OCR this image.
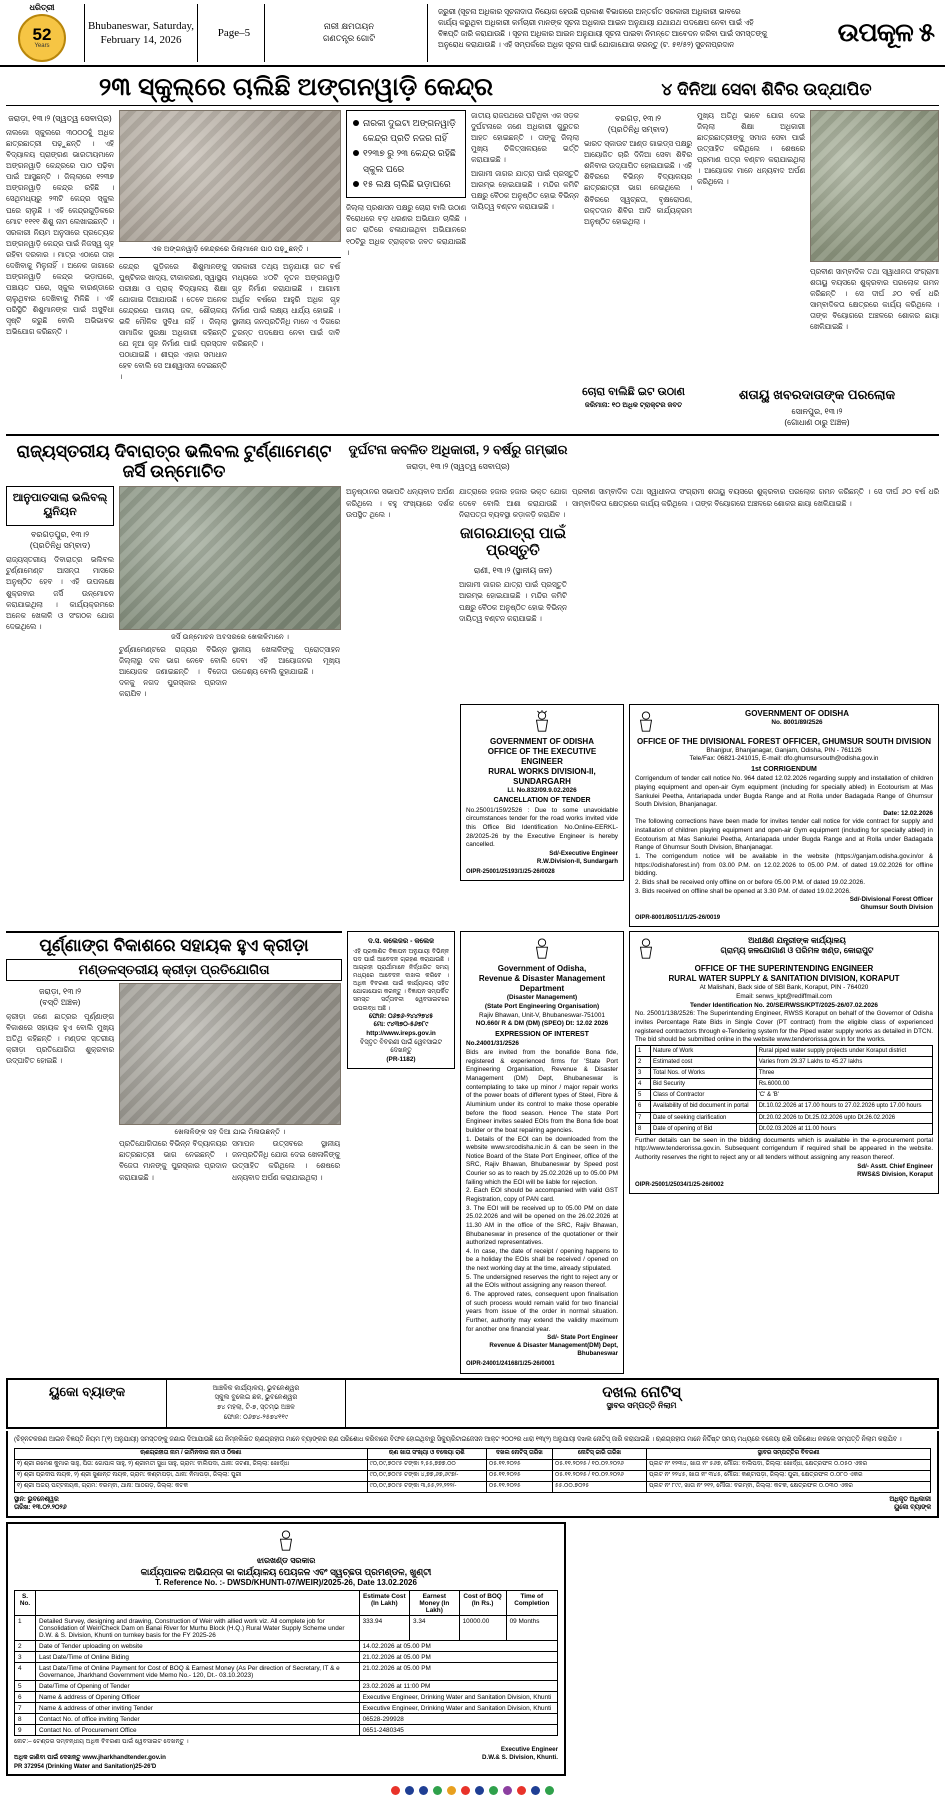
ଧରିତ୍ରୀ
52
Years
Bhubaneswar, Saturday,
February 14, 2026
Page–5
ନାରୀ କ୍ଷମତାୟନ
ଗଣତନ୍ତ୍ର ଗୋଟି
ଜରୁରୀ (ସୂଚନା ଅଧିକାର ସୂଚନାଦାତା ନିୟୋଗ ହେଉଛି ପ୍ରକାଶ ବିଭାଗରେ ଅନ୍ତର୍ଗତ ସରକାରୀ ଅଧିକାରୀ ଭାବରେ
କାର୍ଯ୍ୟ କରୁଥିବା ଅଧିକାରୀ କର୍ମଚାରୀ ମାନଙ୍କ ସୂଚନା ଅଧିକାର ଆଇନ ଅନୁଯାୟୀ ଯଥାଯଥ ପଦକ୍ଷେପ ନେବା ପାଇଁ ଏହି
ବିଜ୍ଞପ୍ତି ଜାରି କରାଯାଉଛି । ସୂଚନା ଅଧିକାର ଆଇନ ଅନୁଯାୟୀ ସୂଚନା ପାଇବା ନିମନ୍ତେ ଆବେଦନ କରିବା ପାଇଁ ସମସ୍ତଙ୍କୁ
ଅନୁରୋଧ କରାଯାଉଛି । ଏହି ସମ୍ପର୍କରେ ଅଧିକ ସୂଚନା ପାଇଁ ଯୋଗାଯୋଗ କରନ୍ତୁ (ଟ. ୫୧/୫୨) ସୁଚନାପ୍ରଦାନ	ଉପକୂଳ ୫
୨୩ ସ୍କୁଲ୍‌ରେ ଚାଲିଛି ଅଙ୍ଗନୱାଡ଼ି କେନ୍ଦ୍ର	୪ ଦିନିଆ ସେବା ଶିବିର ଉଦ୍‌ଯାପିତ
ଜରାଡ଼ା, ୧୩।୨ (ସ୍ୱତ୍ୱ ସେବାପ୍ର)
ନାଲକୋ ସ୍କୁଲରେ ୩୦୦୦ହୁଁ ଅଧିକ ଛାତ୍ରଛାତ୍ରୀ ପଢ଼ୁଛନ୍ତି । ଏହି ବିଦ୍ୟାଳୟ ପ୍ରାଙ୍ଗଣ ଭାରତୀୟମାନେ ଅଙ୍ଗନୱାଡ଼ି କେନ୍ଦ୍ରରେ ପାଠ ପଢ଼ିବା ପାଇଁ ଆସୁଛନ୍ତି । ଜିଲ୍ଲାରେ ୧୨୩୭ ଅଙ୍ଗନୱାଡ଼ି କେନ୍ଦ୍ର ରହିଛି । ସେଥିମଧ୍ୟରୁ ୨୩ଟି କେନ୍ଦ୍ର ସ୍କୁଲ ଘରେ ଚାଲୁଛି । ଏହି କେନ୍ଦ୍ରଗୁଡ଼ିକରେ ମୋଟ ୧୧୧୧ ଶିଶୁ ନାମ ଲେଖାଇଛନ୍ତି । ସରକାରୀ ନିୟମ ଅନୁସାରେ ପ୍ରତ୍ୟେକ ଅଙ୍ଗନୱାଡ଼ି କେନ୍ଦ୍ର ପାଇଁ ନିଜସ୍ୱ ଗୃହ ରହିବା ଦରକାର । ମାତ୍ର ଏଠାରେ ତାହା ଦେଖିବାକୁ ମିଳୁନାହିଁ । ଅନେକ ଜାଗାରେ ଅଙ୍ଗନୱାଡ଼ି କେନ୍ଦ୍ର ଭଡ଼ାଘରେ, ପଞ୍ଚାୟତ ଘରେ, ସ୍କୁଲ ବାରଣ୍ଡାରେ ଚାଲୁଥିବାର ଦେଖିବାକୁ ମିଳିଛି । ଏହି ପରିସ୍ଥିତି ଶିଶୁମାନଙ୍କ ପାଇଁ ଅସୁବିଧା ସୃଷ୍ଟି କରୁଛି ବୋଲି ଅଭିଭାବକ ଅଭିଯୋଗ କରିଛନ୍ତି ।
ଏକ ଅଙ୍ଗନୱାଡ଼ି କେନ୍ଦ୍ରରେ ପିଲାମାନେ ପାଠ ପଢ଼ୁଛନ୍ତି ।
କେନ୍ଦ୍ର ଗୁଡ଼ିକରେ ଶିଶୁମାନଙ୍କୁ ପୁଷ୍ଟିକର ଖାଦ୍ୟ, ଟୀକାକରଣ, ସ୍ୱାସ୍ଥ୍ୟ ପରୀକ୍ଷା ଓ ପ୍ରାକ୍ ବିଦ୍ୟାଳୟ ଶିକ୍ଷା ଯୋଗାଇ ଦିଆଯାଉଛି । ତେବେ ଅନେକ କେନ୍ଦ୍ରରେ ପାନୀୟ ଜଳ, ଶୌଚାଳୟ ଭଳି ମୌଳିକ ସୁବିଧା ନାହିଁ । ଜିଲ୍ଲା ସାମାଜିକ ସୁରକ୍ଷା ଅଧିକାରୀ କହିଛନ୍ତି ଯେ ନୂଆ ଗୃହ ନିର୍ମାଣ ପାଇଁ ପ୍ରସ୍ତାବ ପଠାଯାଇଛି । ଶୀଘ୍ର ଏହାର ସମାଧାନ ହେବ ବୋଲି ସେ ଆଶ୍ୱାସନା ଦେଇଛନ୍ତି ।
ସରକାରୀ ତଥ୍ୟ ଅନୁଯାୟୀ ଗତ ବର୍ଷ ମଧ୍ୟରେ ୪୦ଟି ନୂତନ ଅଙ୍ଗନୱାଡ଼ି ଗୃହ ନିର୍ମାଣ କରାଯାଇଛି । ଆଗାମୀ ଆର୍ଥିକ ବର୍ଷରେ ଆହୁରି ଅଧିକ ଗୃହ ନିର୍ମାଣ ପାଇଁ ଲକ୍ଷ୍ୟ ଧାର୍ଯ୍ୟ ହୋଇଛି । ସ୍ଥାନୀୟ ଜନପ୍ରତିନିଧି ମାନେ ଏ ଦିଗରେ ତୁରନ୍ତ ପଦକ୍ଷେପ ନେବା ପାଇଁ ଦାବି କରିଛନ୍ତି ।
ନାରକୀ ଦୁଇଟା ଅଙ୍ଗନୱାଡ଼ି କେନ୍ଦ୍ର ପ୍ରତି ନଜର ନାହିଁ
୧୨୩୭ ରୁ ୨୩ କେନ୍ଦ୍ର ରହିଛି ସ୍କୁଲ ଘରେ
୧୫ ଲକ୍ଷ ଚାଲିଛି ଭଡ଼ାଘରେ
ଜିଲ୍ଲା ପ୍ରଶାସନ ପକ୍ଷରୁ ଚୋରା ବାଲି ଉଠାଣ ବିରୋଧରେ ବଡ଼ ଧରଣର ଅଭିଯାନ ଚାଲିଛି । ଗତ ରାତିରେ ଚଳାଯାଇଥିବା ଅଭିଯାନରେ ୧୦ଟିରୁ ଅଧିକ ଟ୍ରାକ୍ଟର ଜବତ କରାଯାଇଛି ।
ଜାତୀୟ ରାଜପଥରେ ଘଟିଥିବା ଏକ ସଡ଼କ ଦୁର୍ଘଟନାରେ ଜଣେ ଅଧିକାରୀ ଗୁରୁତର ଆହତ ହୋଇଛନ୍ତି । ତାଙ୍କୁ ଜିଲ୍ଲା ମୁଖ୍ୟ ଚିକିତ୍ସାଳୟରେ ଭର୍ତ୍ତି କରାଯାଇଛି ।
ଆଗାମୀ ଜାଗର ଯାତ୍ରା ପାଇଁ ପ୍ରସ୍ତୁତି ଆରମ୍ଭ ହୋଇଯାଇଛି । ମନ୍ଦିର କମିଟି ପକ୍ଷରୁ ବୈଠକ ଅନୁଷ୍ଠିତ ହୋଇ ବିଭିନ୍ନ ଦାୟିତ୍ୱ ବଣ୍ଟନ କରାଯାଇଛି ।
ବରଗଡ଼, ୧୩।୨
(ପ୍ରତିନିଧି ସମ୍ବାଦ)
ଭାରତ ସ୍କାଉଟ ଆଣ୍ଡ ଗାଇଡ୍ସ ପକ୍ଷରୁ ଆୟୋଜିତ ଚାରି ଦିନିଆ ସେବା ଶିବିର ଶନିବାର ଉଦ୍‌ଯାପିତ ହୋଇଯାଇଛି । ଏହି ଶିବିରରେ ବିଭିନ୍ନ ବିଦ୍ୟାଳୟର ଛାତ୍ରଛାତ୍ରୀ ଭାଗ ନେଇଥିଲେ । ଶିବିରରେ ସ୍ୱଚ୍ଛତା, ବୃକ୍ଷରୋପଣ, ରକ୍ତଦାନ ଶିବିର ଆଦି କାର୍ଯ୍ୟକ୍ରମ ଅନୁଷ୍ଠିତ ହୋଇଥିଲା ।
ମୁଖ୍ୟ ଅତିଥି ଭାବେ ଯୋଗ ଦେଇ ଜିଲ୍ଲା ଶିକ୍ଷା ଅଧିକାରୀ ଛାତ୍ରଛାତ୍ରୀଙ୍କୁ ସମାଜ ସେବା ପାଇଁ ଉତ୍ସାହିତ କରିଥିଲେ । ଶେଷରେ ପ୍ରମାଣ ପତ୍ର ବଣ୍ଟନ କରାଯାଇଥିଲା । ଆୟୋଜକ ମାନେ ଧନ୍ୟବାଦ ଅର୍ପଣ କରିଥିଲେ ।
ପ୍ରବୀଣ ସାମ୍ବାଦିକ ତଥା ସ୍ୱାଧୀନତା ସଂଗ୍ରାମୀ ଶତାୟୁ ବୟସରେ ଶୁକ୍ରବାର ପରଲୋକ ଗମନ କରିଛନ୍ତି । ସେ ଦୀର୍ଘ ୬୦ ବର୍ଷ ଧରି ସାମ୍ବାଦିକତା କ୍ଷେତ୍ରରେ କାର୍ଯ୍ୟ କରିଥିଲେ । ତାଙ୍କ ବିୟୋଗରେ ଅଞ୍ଚଳରେ ଶୋକର ଛାୟା ଖେଳିଯାଇଛି ।
ଚୋରା ବାଲିଛି ଇଟ ଉଠାଣ
ଜରିମାନା: ୧୦ ଅଧିକ ଟ୍ରାକ୍ଟର ଜବତ
ଶତାୟୁ ଖବରଦାତାଙ୍କ ପରଲୋକ
ସୋନପୁର, ୧୩।୨
(ଗୋଧାଣ ଠାରୁ ଅଞ୍ଚଳ)
ରାଜ୍ୟସ୍ତରୀୟ ଦିବାରାତ୍ର ଭଲିବଲ ଟୁର୍ଣ୍ଣାମେଣ୍ଟ ଜର୍ସି ଉନ୍ମୋଚିତ
ଦୁର୍ଘଟନା କବଳିତ ଅଧିକାରୀ, ୨ ବର୍ଷରୁ ଗମ୍ଭୀର
ଜରାଡ଼ା, ୧୩।୨ (ସ୍ୱତ୍ୱ ସେବାପ୍ର)
ଆନୁପାତସାଲା ଭଲିବଲ୍ ୟୁନିୟନ
ବରଗଡ଼ପୁର, ୧୩।୨
(ପ୍ରତିନିଧି ସମ୍ବାଦ)
ରାଜ୍ୟସ୍ତରୀୟ ଦିବାରାତ୍ର ଭଲିବଲ ଟୁର୍ଣ୍ଣାମେଣ୍ଟ ଆସନ୍ତା ମାସରେ ଅନୁଷ୍ଠିତ ହେବ । ଏହି ଉପଲକ୍ଷେ ଶୁକ୍ରବାର ଜର୍ସି ଉନ୍ମୋଚନ କରାଯାଇଥିଲା । କାର୍ଯ୍ୟକ୍ରମରେ ଅନେକ ଖେଳାଳି ଓ ସଂଗଠକ ଯୋଗ ଦେଇଥିଲେ ।
ଜର୍ସି ଉନ୍ମୋଚନ ଅବସରରେ ଖେଳାଳିମାନେ ।
ଟୁର୍ଣ୍ଣାମେଣ୍ଟରେ ରାଜ୍ୟର ବିଭିନ୍ନ ଜିଲ୍ଲାରୁ ଦଳ ଭାଗ ନେବେ ବୋଲି ଆୟୋଜକ ଜଣାଇଛନ୍ତି । ବିଜେତା ଦଳକୁ ନଗଦ ପୁରସ୍କାର ପ୍ରଦାନ କରାଯିବ ।
ସ୍ଥାନୀୟ ଖେଳାଳିଙ୍କୁ ପ୍ରୋତ୍ସାହନ ଦେବା ଏହି ଆୟୋଜନର ମୂଖ୍ୟ ଉଦ୍ଦେଶ୍ୟ ବୋଲି କୁହାଯାଇଛି ।
ଅନୁଷ୍ଠାନର ସଭାପତି ଧନ୍ୟବାଦ ଅର୍ପଣ କରିଥିଲେ । ବହୁ ସଂଖ୍ୟାରେ ଦର୍ଶକ ଉପସ୍ଥିତ ଥିଲେ ।
ଯାତ୍ରାରେ ହଜାର ହଜାର ଭକ୍ତ ଯୋଗ ଦେବେ ବୋଲି ଆଶା କରାଯାଉଛି । ନିରାପତ୍ତା ବ୍ୟବସ୍ଥା କଡ଼ାକଡ଼ି କରାଯିବ ।
ଜାଗରଯାତ୍ରା ପାଇଁ ପ୍ରସ୍ତୁତି
ରାଣୀ, ୧୩।୨ (ସ୍ଥାନୀୟ ଜନ)
ଆଗାମୀ ଜାଗର ଯାତ୍ରା ପାଇଁ ପ୍ରସ୍ତୁତି ଆରମ୍ଭ ହୋଇଯାଇଛି । ମନ୍ଦିର କମିଟି ପକ୍ଷରୁ ବୈଠକ ଅନୁଷ୍ଠିତ ହୋଇ ବିଭିନ୍ନ ଦାୟିତ୍ୱ ବଣ୍ଟନ କରାଯାଇଛି ।
ପ୍ରବୀଣ ସାମ୍ବାଦିକ ତଥା ସ୍ୱାଧୀନତା ସଂଗ୍ରାମୀ ଶତାୟୁ ବୟସରେ ଶୁକ୍ରବାର ପରଲୋକ ଗମନ କରିଛନ୍ତି । ସେ ଦୀର୍ଘ ୬୦ ବର୍ଷ ଧରି ସାମ୍ବାଦିକତା କ୍ଷେତ୍ରରେ କାର୍ଯ୍ୟ କରିଥିଲେ । ତାଙ୍କ ବିୟୋଗରେ ଅଞ୍ଚଳରେ ଶୋକର ଛାୟା ଖେଳିଯାଇଛି ।
GOVERNMENT OF ODISHA
OFFICE OF THE EXECUTIVE ENGINEER
RURAL WORKS DIVISION-II, SUNDARGARH
Ll. No.832/09.9.02.2026
CANCELLATION OF TENDER
No.25001/159/2526 : Due to some unavoidable circumstances tender for the road works invited vide this Office Bid Identification No.Online-EERKL-28/2025-26 by the Executive Engineer is hereby cancelled.
Sd/-Executive Engineer
R.W.Division-II, Sundargarh
OIPR-25001/25193/1/25-26/0028
GOVERNMENT OF ODISHA
No. 8001/89/2526
OFFICE OF THE DIVISIONAL FOREST OFFICER, GHUMSUR SOUTH DIVISION
Bhanjpur, Bhanjanagar, Ganjam, Odisha, PIN - 761126
Tele/Fax: 06821-241015, E-mail: dfo.ghumsursouth@odisha.gov.in
1st CORRIGENDUM
Corrigendum of tender call notice No. 964 dated 12.02.2026 regarding supply and installation of children playing equipment and open-air Gym equipment (including for specially abled) in Ecotourism at Mas Sankulei Peetha, Antariapada under Bugda Range and at Rolla under Badagada Range of Ghumsur South Division, Bhanjanagar.
Date: 12.02.2026
The following corrections have been made for invites tender call notice for vide contract for supply and installation of children playing equipment and open-air Gym equipment (including for specially abled) in Ecotourism at Mas Sankulei Peetha, Antariapada under Bugda Range and at Rolla under Badagada Range of Ghumsur South Division, Bhanjanagar.
1. The corrigendum notice will be available in the website (https://ganjam.odisha.gov.in/or & https://odishaforest.in/) from 03.00 P.M. on 12.02.2026 to 05.00 P.M. of dated 19.02.2026 for offline bidding.
2. Bids shall be received only offline on or before 05.00 P.M. of dated 19.02.2026.
3. Bids received on offline shall be opened at 3.30 P.M. of dated 19.02.2026.
Sd/-Divisional Forest Officer
Ghumsur South Division
OIPR-8001/80511/1/25-26/0019
ପୂର୍ଣ୍ଣାଙ୍ଗ ବିକାଶରେ ସହାୟକ ହୁଏ କ୍ରୀଡ଼ା
ମଣ୍ଡଳସ୍ତରୀୟ କ୍ରୀଡ଼ା ପ୍ରତିଯୋଗିତା
ଜରାଡ଼ା, ୧୩।୨
(ବସ୍ତି ଅଞ୍ଚଳ)
କ୍ରୀଡ଼ା ଜଣେ ଛାତ୍ରର ପୂର୍ଣ୍ଣାଙ୍ଗ ବିକାଶରେ ସହାୟକ ହୁଏ ବୋଲି ମୁଖ୍ୟ ଅତିଥି କହିଛନ୍ତି । ମଣ୍ଡଳ ସ୍ତରୀୟ କ୍ରୀଡ଼ା ପ୍ରତିଯୋଗିତା ଶୁକ୍ରବାର ଉଦ୍‌ଘାଟିତ ହୋଇଛି ।
ଖେଳାଳିଙ୍କ ସହ ଦିଆ ଯାଇ ମିଳାଉଛନ୍ତି ।
ପ୍ରତିଯୋଗିତାରେ ବିଭିନ୍ନ ବିଦ୍ୟାଳୟର ଛାତ୍ରଛାତ୍ରୀ ଭାଗ ନେଇଛନ୍ତି । ବିଜେତା ମାନଙ୍କୁ ପୁରସ୍କାର ପ୍ରଦାନ କରାଯାଇଛି ।
ସମାପନ ଉତ୍ସବରେ ସ୍ଥାନୀୟ ଜନପ୍ରତିନିଧି ଯୋଗ ଦେଇ ଖେଳାଳିଙ୍କୁ ଉତ୍ସାହିତ କରିଥିଲେ । ଶେଷରେ ଧନ୍ୟବାଦ ଅର୍ପଣ କରାଯାଇଥିଲା ।
ଦ.ସ. କଲେଜର - କଲେଜ
ଏହି ପ୍ରକାଶିତ ବିଜ୍ଞାପନ ଅନୁଯାୟୀ ବିଭିନ୍ନ ପଦ ପାଇଁ ଆବେଦନ ଗ୍ରହଣ କରାଯାଉଛି । ଆଗ୍ରହୀ ପ୍ରାର୍ଥୀମାନେ ନିର୍ଦ୍ଧାରିତ ସମୟ ମଧ୍ୟରେ ଆବେଦନ ଦାଖଲ କରିବେ । ଅଧିକ ବିବରଣୀ ପାଇଁ କାର୍ଯ୍ୟାଳୟ ସହିତ ଯୋଗାଯୋଗ କରନ୍ତୁ । ବିଜ୍ଞାପନ ସମ୍ପର୍କିତ ସମସ୍ତ ସର୍ତ୍ତାବଳୀ ୱେବସାଇଟରେ ଉପଲବ୍ଧ ଅଛି ।
ଫୋନ: ୦୬୭୬-୨୪୪୨୭୪୫
ମୋ: ୯୪୩୭୦-୫୬୭୮୯
http://www.ireps.gov.in
ବିସ୍ତୃତ ବିବରଣୀ ପାଇଁ ୱେବସାଇଟ ଦେଖନ୍ତୁ
(PR-1182)
Government of Odisha,
Revenue & Disaster Management Department
(Disaster Management)
(State Port Engineering Organisation)
Rajiv Bhawan, Unit-V, Bhubaneswar-751001
NO.660/ R & DM (DM) (SPEO) Dt: 12.02 2026
EXPRESSION OF INTEREST
No.24001/31/2526
Bids are invited from the bonafide Bona fide, registered & experienced firms for 'State Port Engineering Organisation, Revenue & Disaster Management (DM) Dept, Bhubaneswar is contemplating to take up minor / major repair works of the power boats of different types of Steel, Fibre & Aluminium under its control to make those operable before the flood season. Hence The state Port Engineer invites sealed EOIs from the Bona fide boat builder or the boat repairing agencies.
1. Details of the EOI can be downloaded from the website www.srcodisha.nic.in & can be seen in the Notice Board of the State Port Engineer, office of the SRC, Rajiv Bhawan, Bhubaneswar by Speed post Courier so as to reach by 25.02.2026 up to 05.00 PM failing which the EOI will be liable for rejection.
2. Each EOI should be accompanied with valid GST Registration, copy of PAN card.
3. The EOI will be received up to 05.00 PM on date 25.02.2026 and will be opened on the 26.02.2026 at 11.30 AM in the office of the SRC, Rajiv Bhawan, Bhubaneswar in presence of the quotationer or their authorized representatives.
4. In case, the date of receipt / opening happens to be a holiday the EOIs shall be received / opened on the next working day at the time, already stipulated.
5. The undersigned reserves the right to reject any or all the EOIs without assigning any reason thereof.
6. The approved rates, consequent upon finalisation of such process would remain valid for two financial years from issue of the order in normal situation. Further, authority may extend the validity maximum for another one financial year.
Sd/- State Port Engineer
Revenue & Disaster Management(DM) Dept, Bhubaneswar
OIPR-24001/24168/1/25-26/0001
ଅଧୀକ୍ଷଣ ଯନ୍ତ୍ରୀଙ୍କ କାର୍ଯ୍ୟାଳୟ
ଗ୍ରାମ୍ୟ ଜଳଯୋଗାଣ ଓ ପରିମଳ ଖଣ୍ଡ, କୋରାପୁଟ
OFFICE OF THE SUPERINTENDING ENGINEER
RURAL WATER SUPPLY & SANITATION DIVISION, KORAPUT
At Malishahi, Back side of SBI Bank, Koraput, PIN - 764020
Email: senws_kpt@rediffmail.com
Tender Identification No. 20/SE/RWSS/KPT/2025-26/07.02.2026
No. 25001/138/2526: The Superintending Engineer, RWSS Koraput on behalf of the Governor of Odisha invites Percentage Rate Bids in Single Cover (PT contract) from the eligible class of experienced registered contractors through e-Tendering system for the Piped water supply works as detailed in DTCN. The bid should be submitted online in the website www.tenderorissa.gov.in for the works.
1	Nature of Work	Rural piped water supply projects under Koraput district
2	Estimated cost	Varies from 29.37 Lakhs to 45.27 lakhs
3	Total Nos. of Works	Three
4	Bid Security	Rs.6000.00
5	Class of Contractor	'C' & 'B'
6	Availability of bid document in portal	Dt.10.02.2026 at 17.00 hours to 27.02.2026 upto 17.00 hours
7	Date of seeking clarification	Dt.20.02.2026 to Dt.25.02.2026 upto Dt.26.02.2026
8	Date of opening of Bid	Dt.02.03.2026 at 11.00 hours
Further details can be seen in the bidding documents which is available in the e-procurement portal http://www.tenderorissa.gov.in. Subsequent corrigendum if required shall be appeared in the website. Authority reserves the right to reject any or all tenders without assigning any reason thereof.
Sd/- Asstt. Chief Engineer
RWS&S Division, Koraput
OIPR-25001/25034/1/25-26/0002
ୟୁକୋ ବ୍ୟାଙ୍କ	ଆଞ୍ଚଳିକ କାର୍ଯ୍ୟାଳୟ, ଭୁବନେଶ୍ୱର
ସ୍କୁଲ ବୁଲେଇ ଛକ, ଭୁବନେଶ୍ୱର
୭୪ ମହଲା, ଟି-୭, ସ୍ତମ୍ଭ ଅଞ୍ଚଳ
ଫୋନ: ୦୬୭୪-୨୫୭୪୧୧୯
ଦଖଲ ନୋଟିସ୍
ସ୍ଥାବର ସମ୍ପତ୍ତି ନିଲାମ
(ଚିହ୍ନଟକରଣ ଆଇନ ବିଜ୍ଞପ୍ତି ନିୟମ ୮(୧) ଅନୁଯାୟୀ) ସମସ୍ତଙ୍କୁ ଜଣାଇ ଦିଆଯାଉଛି ଯେ ନିମ୍ନଲିଖିତ ଋଣଗ୍ରହୀତା ମାନେ ବ୍ୟାଙ୍କର ଋଣ ପରିଶୋଧ କରିବାରେ ବିଫଳ ହୋଇଥିବାରୁ ସିକ୍ୟୁରିଟାଇଜେସନ ଆକ୍ଟ ୨୦୦୨ର ଧାରା ୧୩(୨) ଅନୁଯାୟୀ ଦଖଲ ନୋଟିସ୍ ଜାରି କରାଯାଇଛି । ଋଣଗ୍ରହୀତା ମାନେ ନିର୍ଦ୍ଦିଷ୍ଟ ସମୟ ମଧ୍ୟରେ ବକେୟା ରାଶି ପରିଶୋଧ ନକଲେ ସମ୍ପତ୍ତି ନିଲାମ କରାଯିବ ।
ଋଣଗ୍ରହୀତା ନାମ / ଜାମିନଦାର ନାମ ଓ ଠିକଣା	ଋଣ ଖାତା ସଂଖ୍ୟା ଓ ବକେୟା ରାଶି	ଦଖଲ ନୋଟିସ୍ ତାରିଖ	ନୋଟିସ୍ ଜାରି ତାରିଖ	ସ୍ଥାବର ସମ୍ପତ୍ତିର ବିବରଣୀ
୧) ଶ୍ରୀ ରମେଶ କୁମାର ସାହୁ, ପିତା: ଗୋପାଳ ସାହୁ, ୨) ଶ୍ରୀମତୀ ସୁଧା ସାହୁ, ଗ୍ରାମ: ବାଲିପଦା, ଥାନା: ଜଟଣୀ, ଜିଲ୍ଲା: ଖୋର୍ଦ୍ଧା	୯୦,୦୯,୭୦୯୫ ଟଙ୍କା ୨,୫୫,୭୭୭.୦୦	୦୫.୧୧.୨୦୨୫	୦୫.୧୧.୨୦୨୫ / ୧୦.୦୨.୨୦୨୬	ପ୍ଲଟ ନଂ ୧୨୩୪, ଖାତା ନଂ ୫୬୭, ମୌଜା: ବାଲିପଦା, ଜିଲ୍ଲା: ଖୋର୍ଦ୍ଧା, କ୍ଷେତ୍ରଫଳ ୦.୦୫୦ ଏକର
୧) ଶ୍ରୀ ପ୍ରଦୀପ ନାୟକ, ୨) ଶ୍ରୀ ସୁଶାନ୍ତ ନାୟକ, ଗ୍ରାମ: କଣ୍ଟାପଡ଼ା, ଥାନା: ନିମାପଡ଼ା, ଜିଲ୍ଲା: ପୁରୀ	୯୦,୦୯,୭୦୯୫ ଟଙ୍କା ୪,୭୭,୬୭,୬୯୭/-	୦୫.୧୧.୨୦୨୫	୦୫.୧୧.୨୦୨୫ / ୧୦.୦୨.୨୦୨୬	ପ୍ଲଟ ନଂ ୨୨୪୫, ଖାତା ନଂ ୩୪୫, ମୌଜା: କଣ୍ଟାପଡ଼ା, ଜିଲ୍ଲା: ପୁରୀ, କ୍ଷେତ୍ରଫଳ ୦.୦୮୦ ଏକର
୧) ଶ୍ରୀ ଅଜୟ ପଟ୍ଟନାୟକ, ଗ୍ରାମ: ବରମ୍ବା, ଥାନା: ଆଠଗଡ଼, ଜିଲ୍ଲା: କଟକ	୯୦,୦୯,୭୦୯୫ ଟଙ୍କା ୩,୫୫,୨୨,୨୨୨/-	୦୫.୧୧.୨୦୨୫	୫୫.୦୦.୭୦୨୫	ପ୍ଲଟ ନଂ ୮୯୯, ଖାତା ନଂ ୨୧୨, ମୌଜା: ବରମ୍ବା, ଜିଲ୍ଲା: କଟକ, କ୍ଷେତ୍ରଫଳ ୦.୦୩୦ ଏକର
ସ୍ଥାନ: ଭୁବନେଶ୍ୱର
ତାରିଖ: ୧୩.୦୨.୨୦୨୬
ଅଧିକୃତ ଅଧିକାରୀ
ୟୁକୋ ବ୍ୟାଙ୍କ
ଝାରଖଣ୍ଡ ସରକାର
କାର୍ଯ୍ୟପାଳକ ଅଭିଯନ୍ତା କା କାର୍ଯ୍ୟାଳୟ ପେୟଜଳ ଏବଂ ସ୍ୱଚ୍ଛତା ପ୍ରମଣ୍ଡଳ, ଖୁଣ୍ଟୀ
T. Reference No. :- DWSD/KHUNTI-07/WEIR)/2025-26, Date 13.02.2026
S. No.		Estimate Cost (In Lakh)	Earnest Money (In Lakh)	Cost of BOQ (In Rs.)	Time of Completion
1	Detailed Survey, designing and drawing, Construction of Weir with allied work viz. All complete job for Consolidation of Weir/Check Dam on Banai River for Murhu Block (H.Q.) Rural Water Supply Scheme under D.W. & S. Division, Khunti on turnkey basis for the FY 2025-26	333.94	3.34	10000.00	09 Months
2	Date of Tender uploading on website	14.02.2026 at 05.00 PM			
3	Last Date/Time of Online Biding	21.02.2026 at 05.00 PM			
4	Last Date/Time of Online Payment for Cost of BOQ & Earnest Money (As Per direction of Secretary, IT & e Governance, Jharkhand Government vide Memo No.- 120, Dt.- 03.10.2023)	21.02.2026 at 05.00 PM			
5	Date/Time of Opening of Tender	23.02.2026 at 11:00 PM			
6	Name & address of Opening Officer	Executive Engineer, Drinking Water and Sanitation Division, Khunti			
7	Name & address of other inviting Tender	Executive Engineer, Drinking Water and Sanitation Division, Khunti			
8	Contact No. of office inviting Tender	06528-299928			
9	Contact No. of Procurement Office	0651-2480345			
ନୋଟ:– ଟେଣ୍ଡର ସମ୍ବନ୍ଧୀୟ ଅଧିକ ବିବରଣୀ ପାଇଁ ୱେବସାଇଟ ଦେଖନ୍ତୁ ।
ଅଧିକ ଜାଣିବା ପାଇଁ ଦେଖନ୍ତୁ www.jharkhandtender.gov.in
Executive Engineer
D.W.& S. Division, Khunti.
PR 372954 (Drinking Water and Sanitation)25-26'D
